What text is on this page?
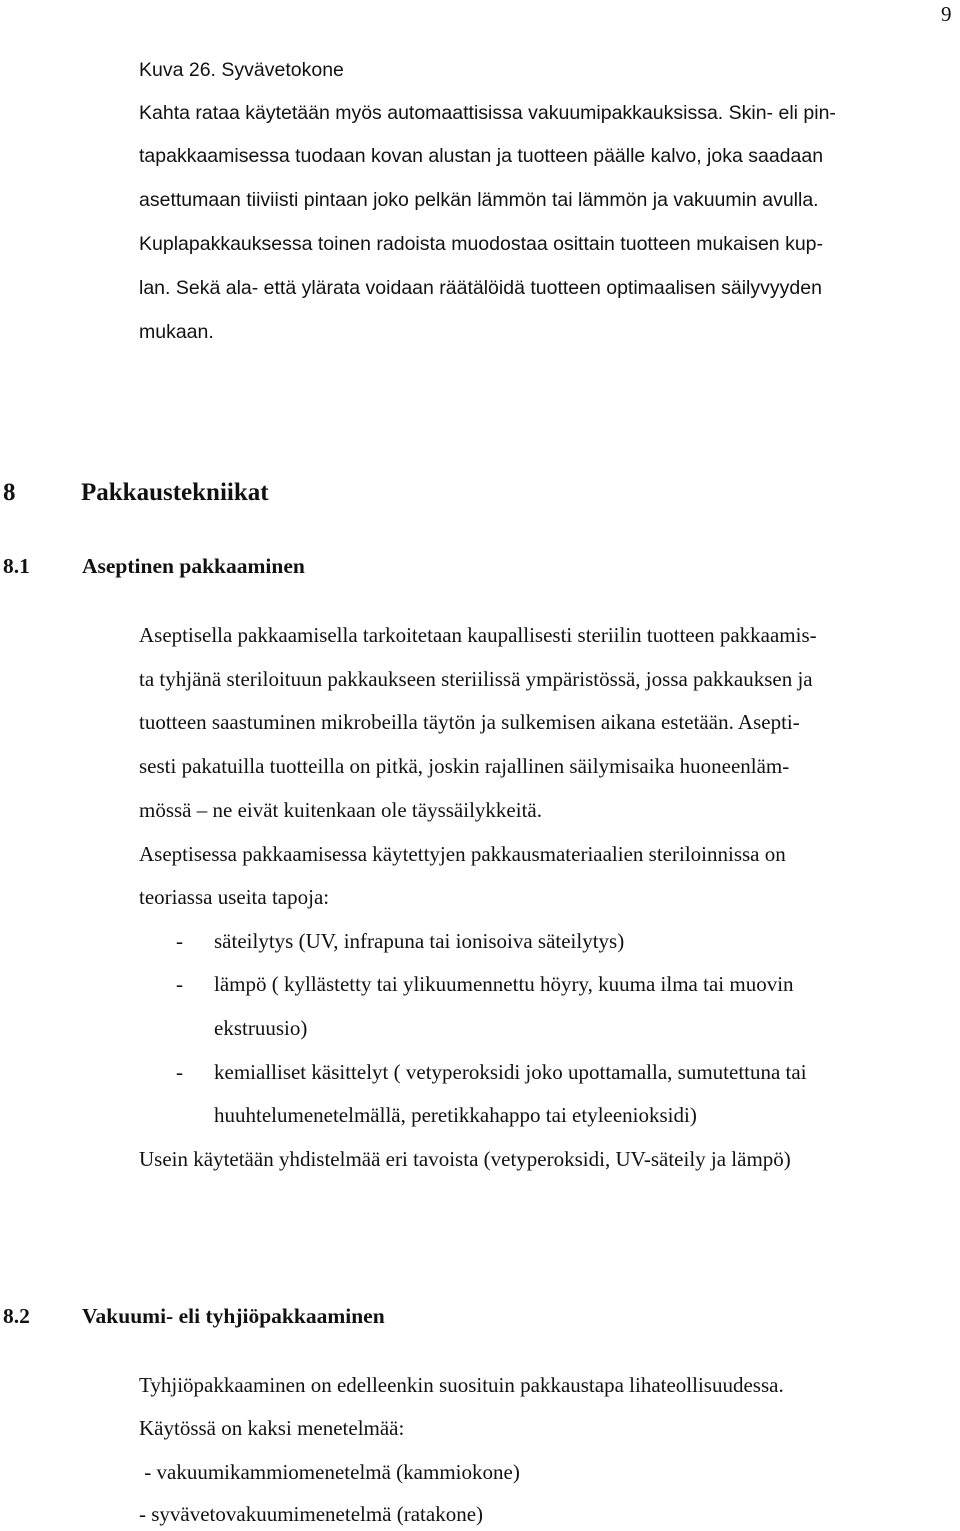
9
Kuva 26. Syvävetokone
Kahta rataa käytetään myös automaattisissa vakuumipakkauksissa. Skin- eli pin-
tapakkaamisessa tuodaan kovan alustan ja tuotteen päälle kalvo, joka saadaan
asettumaan tiiviisti pintaan joko pelkän lämmön tai lämmön ja vakuumin avulla.
Kuplapakkauksessa toinen radoista muodostaa osittain tuotteen mukaisen kup-
lan. Sekä ala- että ylärata voidaan räätälöidä tuotteen optimaalisen säilyvyyden
mukaan.
8	Pakkaustekniikat
8.1 Aseptinen pakkaaminen
Aseptisella pakkaamisella tarkoitetaan kaupallisesti steriilin tuotteen pakkaamis-
ta tyhjänä steriloituun pakkaukseen steriilissä ympäristössä, jossa pakkauksen ja
tuotteen saastuminen mikrobeilla täytön ja sulkemisen aikana estetään. Asepti-
sesti pakatuilla tuotteilla on pitkä, joskin rajallinen säilymisaika huoneenläm-
mössä – ne eivät kuitenkaan ole täyssäilykkeitä.
Aseptisessa pakkaamisessa käytettyjen pakkausmateriaalien steriloinnissa on
teoriassa useita tapoja:
- säteilytys (UV, infrapuna tai ionisoiva säteilytys)
- lämpö ( kyllästetty tai ylikuumennettu höyry, kuuma ilma tai muovin
ekstruusio)
- kemialliset käsittelyt ( vetyperoksidi joko upottamalla, sumutettuna tai
huuhtelumenetelmällä, peretikkahappo tai etyleenioksidi)
Usein käytetään yhdistelmää eri tavoista (vetyperoksidi, UV-säteily ja lämpö)
8.2 Vakuumi- eli tyhjiöpakkaaminen
Tyhjiöpakkaaminen on edelleenkin suosituin pakkaustapa lihateollisuudessa.
Käytössä on kaksi menetelmää:
- vakuumikammiomenetelmä (kammiokone)
- syvävetovakuumimenetelmä (ratakone)
